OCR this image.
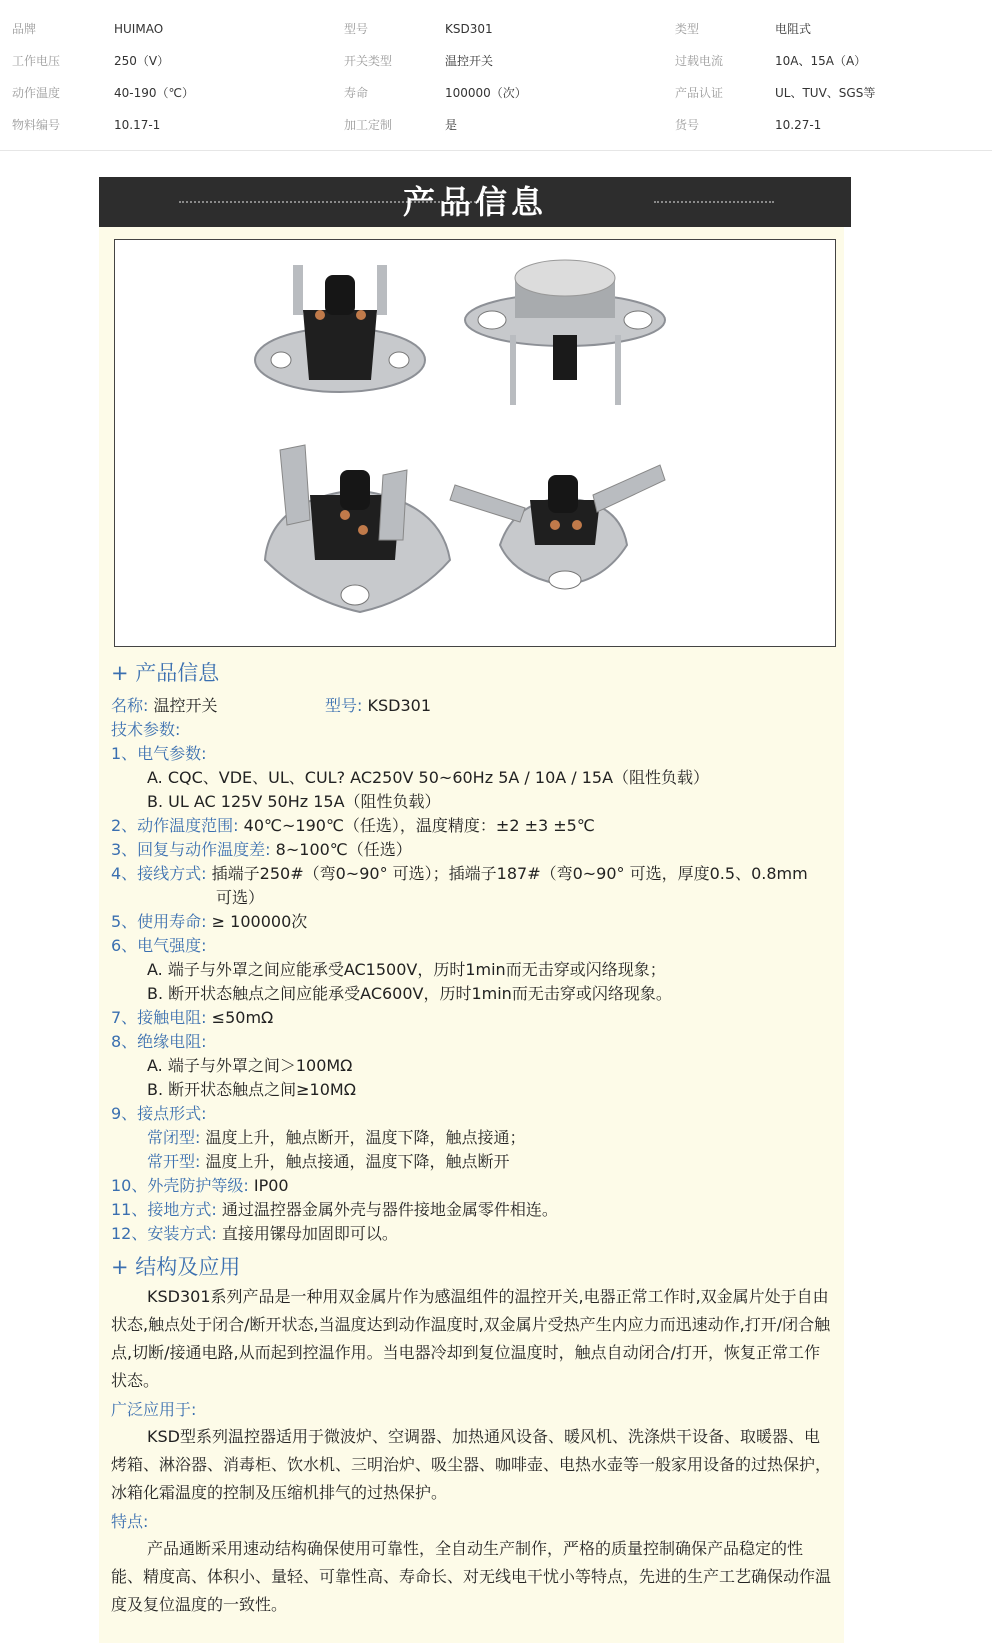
品牌	HUIMAO	型号	KSD301	类型	电阻式
工作电压	250（V）	开关类型	温控开关	过载电流	10A、15A（A）
动作温度	40-190（℃）	寿命	100000（次）	产品认证	UL、TUV、SGS等
物料编号	10.17-1	加工定制	是	货号	10.27-1
产品信息
+ 产品信息
名称: 温控开关	型号: KSD301
技术参数:
1、电气参数:
A. CQC、VDE、UL、CUL? AC250V 50~60Hz 5A / 10A / 15A（阻性负载）
B. UL AC 125V 50Hz 15A（阻性负载）
2、动作温度范围: 40℃~190℃（任选），温度精度：±2 ±3 ±5℃
3、回复与动作温度差: 8~100℃（任选）
4、接线方式: 插端子250#（弯0~90° 可选）；插端子187#（弯0~90° 可选，厚度0.5、0.8mm
可选）
5、使用寿命: ≥ 100000次
6、电气强度:
A. 端子与外罩之间应能承受AC1500V，历时1min而无击穿或闪络现象；
B. 断开状态触点之间应能承受AC600V，历时1min而无击穿或闪络现象。
7、接触电阻: ≤50mΩ
8、绝缘电阻:
A. 端子与外罩之间＞100MΩ
B. 断开状态触点之间≥10MΩ
9、接点形式:
常闭型: 温度上升，触点断开，温度下降，触点接通；
常开型: 温度上升，触点接通，温度下降，触点断开
10、外壳防护等级: IP00
11、接地方式: 通过温控器金属外壳与器件接地金属零件相连。
12、安装方式: 直接用镙母加固即可以。
+ 结构及应用
KSD301系列产品是一种用双金属片作为感温组件的温控开关,电器正常工作时,双金属片处于自由状态,触点处于闭合/断开状态,当温度达到动作温度时,双金属片受热产生内应力而迅速动作,打开/闭合触点,切断/接通电路,从而起到控温作用。当电器冷却到复位温度时，触点自动闭合/打开，恢复正常工作状态。
广泛应用于:
KSD型系列温控器适用于微波炉、空调器、加热通风设备、暖风机、洗涤烘干设备、取暖器、电烤箱、淋浴器、消毒柜、饮水机、三明治炉、吸尘器、咖啡壶、电热水壶等一般家用设备的过热保护，冰箱化霜温度的控制及压缩机排气的过热保护。
特点:
产品通断采用速动结构确保使用可靠性，全自动生产制作，严格的质量控制确保产品稳定的性能、精度高、体积小、量轻、可靠性高、寿命长、对无线电干忧小等特点，先进的生产工艺确保动作温度及复位温度的一致性。
